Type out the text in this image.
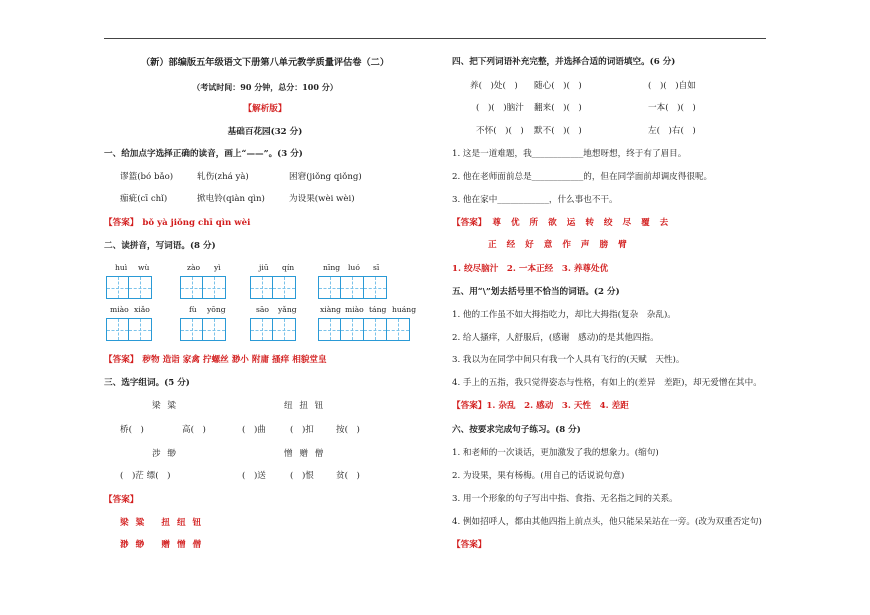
（新）部编版五年级语文下册第八单元教学质量评估卷（二）
（考试时间：90 分钟，总分：100 分）
【解析版】
基础百花园(32 分)
一、给加点字选择正确的读音，画上“——”。(3 分)
谬篮(bó bǎo)	轧伤(zhá yà)	困窘(jiǒng qiǒng)
痂疵(cī chǐ)	掀电铃(qiàn qìn)	为设果(wèi wèi)
【答案】 bǒ yà jiǒng chī qìn wèi
二、读拼音，写词语。(8 分)
huì wù	zào yì	jiū qín	nīng luó sī
miào xiǎo	fù yōng	sāo yǎng	xiàng miào táng huáng
【答案】 秽物 造诣 家禽 拧螺丝 渺小 附庸 搔痒 相貌堂皇
三、选字组词。(5 分)
梁 粱	纽 扭 钮
桥(　)	高(　)	(　)曲	(　)扣	按(　)
涉 缈	憎 赠 僧
(　)茫 缥(　)	(　)送	(　)恨	贫(　)
【答案】
梁 粱　　扭 纽 钮
渺 缈　　赠 憎 僧
四、把下列词语补充完整，并选择合适的词语填空。(6 分)
养(　)处(　) 随心(　)(　)	(　)(　)自如
(　)(　)脑汁 翻来(　)(　)	一本(　)(　)
不怀(　)(　) 默不(　)(　)	左(　)右(　)
1. 这是一道难题，我____________地想呀想，终于有了眉目。
2. 他在老师面前总是____________的，但在同学面前却调皮得很呢。
3. 他在家中____________，什么事也不干。
【答案】 尊 优 所 欲 运 转 绞 尽 覆 去
正 经 好 意 作 声 膀 臂
1. 绞尽脑汁　2. 一本正经　3. 养尊处优
五、用“\”划去括号里不恰当的词语。(2 分)
1. 他的工作虽不如大拇指吃力，却比大拇指(复杂　杂乱)。
2. 给人搔痒，人舒服后，(感谢　感动)的是其他四指。
3. 我以为在同学中间只有我一个人具有飞行的(天赋　天性)。
4. 手上的五指，我只觉得姿态与性格，有如上的(差异　差距)，却无爱憎在其中。
【答案】1. 杂乱　2. 感动　3. 天性　4. 差距
六、按要求完成句子练习。(8 分)
1. 和老师的一次谈话，更加激发了我的想象力。(缩句)
2. 为设果，果有杨梅。(用自己的话说说句意)
3. 用一个形象的句子写出中指、食指、无名指之间的关系。
4. 例如招呼人，都由其他四指上前点头，他只能呆呆站在一旁。(改为双重否定句)
【答案】
